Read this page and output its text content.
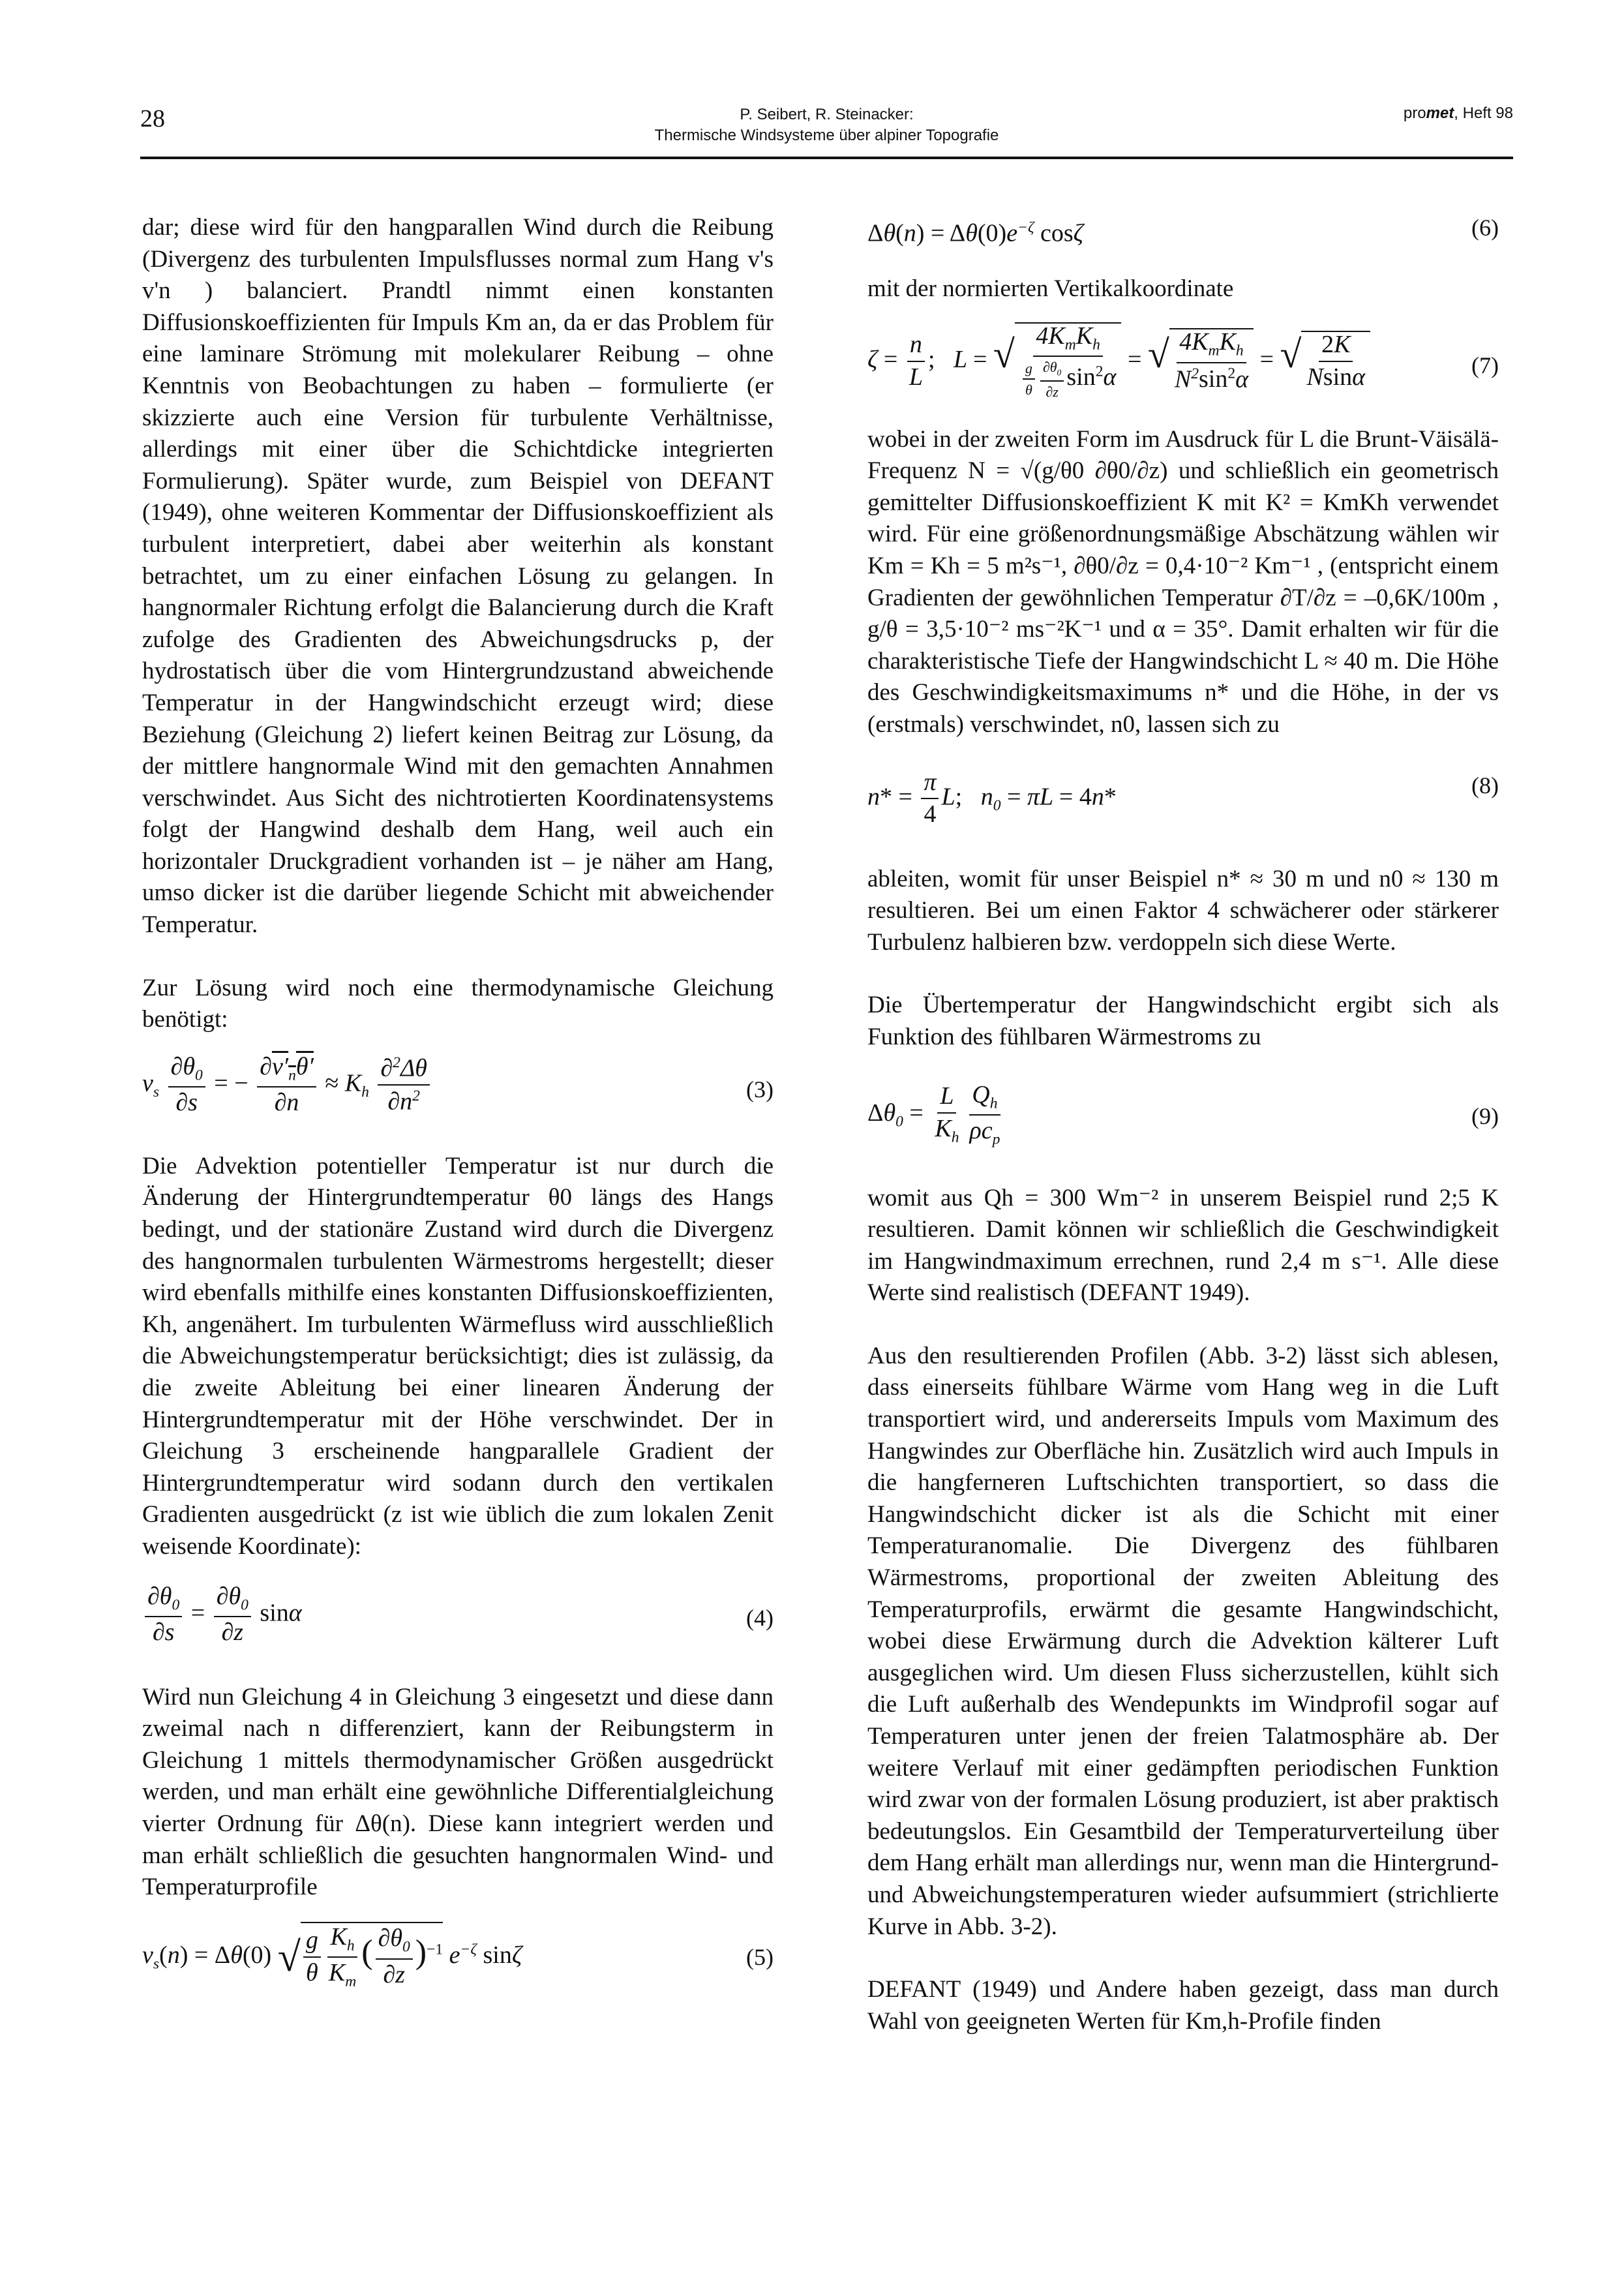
28	P. Seibert, R. Steinacker:
Thermische Windsysteme über alpiner Topografie
promet, Heft 98

dar; diese wird für den hangparallen Wind durch die Reibung (Divergenz des turbulenten Impulsflusses normal zum Hang v's v'n ) balanciert. Prandtl nimmt einen konstanten Diffusionskoeffizienten für Impuls Km an, da er das Problem für eine laminare Strömung mit molekularer Reibung – ohne Kenntnis von Beobachtungen zu haben – formulierte (er skizzierte auch eine Version für turbulente Verhältnisse, allerdings mit einer über die Schichtdicke integrierten Formulierung). Später wurde, zum Beispiel von DEFANT (1949), ohne weiteren Kommentar der Diffusionskoeffizient als turbulent interpretiert, dabei aber weiterhin als konstant betrachtet, um zu einer einfachen Lösung zu gelangen. In hangnormaler Richtung erfolgt die Balancierung durch die Kraft zufolge des Gradienten des Abweichungsdrucks p, der hydrostatisch über die vom Hintergrundzustand abweichende Temperatur in der Hangwindschicht erzeugt wird; diese Beziehung (Gleichung 2) liefert keinen Beitrag zur Lösung, da der mittlere hangnormale Wind mit den gemachten Annahmen verschwindet. Aus Sicht des nichtrotierten Koordinatensystems folgt der Hangwind deshalb dem Hang, weil auch ein horizontaler Druckgradient vorhanden ist – je näher am Hang, umso dicker ist die darüber liegende Schicht mit abweichender Temperatur.

Zur Lösung wird noch eine thermodynamische Gleichung benötigt:

$v_s \frac{\partial\theta_0}{\partial s}$ = − $\frac{\partial v'_n\theta'}{\partial n} \approx K_h \frac{\partial^2\Delta\theta}{\partial n^2}$	(3)

Die Advektion potentieller Temperatur ist nur durch die Änderung der Hintergrundtemperatur θ0 längs des Hangs bedingt, und der stationäre Zustand wird durch die Divergenz des hangnormalen turbulenten Wärmestroms hergestellt; dieser wird ebenfalls mithilfe eines konstanten Diffusionskoeffizienten, Kh, angenähert. Im turbulenten Wärmefluss wird ausschließlich die Abweichungstemperatur berücksichtigt; dies ist zulässig, da die zweite Ableitung bei einer linearen Änderung der Hintergrundtemperatur mit der Höhe verschwindet. Der in Gleichung 3 erscheinende hangparallele Gradient der Hintergrundtemperatur wird sodann durch den vertikalen Gradienten ausgedrückt (z ist wie üblich die zum lokalen Zenit weisende Koordinate):

$\frac{\partial\theta_0}{\partial s} = \frac{\partial\theta_0}{\partial z}$ sinα	(4)

Wird nun Gleichung 4 in Gleichung 3 eingesetzt und diese dann zweimal nach n differenziert, kann der Reibungsterm in Gleichung 1 mittels thermodynamischer Größen ausgedrückt werden, und man erhält eine gewöhnliche Differentialgleichung vierter Ordnung für Δθ(n). Diese kann integriert werden und man erhält schließlich die gesuchten hangnormalen Wind- und Temperaturprofile

$v_s(n) = \Delta\theta(0)$ √ $\frac{g}{\theta} \frac{K_h}{K_m}$ ( $\frac{\partial\theta_0}{\partial z} )^{-1}$ $e^{-\zeta}$ sinζ	(5)
$\Delta\theta(n) = \Delta\theta(0)e^{-\zeta}$ cosζ	(6)

mit der normierten Vertikalkoordinate

$\zeta = \frac{n}{L}$ ;   L = √ $\frac{4K_mK_h}{\frac{g}{\theta} \frac{\partial\theta_0}{\partial z} \sin^2\alpha}$ = √ $\frac{4K_mK_h}{N^2\sin^2\alpha}$ = √ $\frac{2K}{Nsin\alpha}$	(7)

wobei in der zweiten Form im Ausdruck für L die Brunt-Väisälä-Frequenz N = √(g/θ0 ∂θ0/∂z) und schließlich ein geometrisch gemittelter Diffusionskoeffizient K mit K² = KmKh verwendet wird. Für eine größenordnungsmäßige Abschätzung wählen wir Km = Kh = 5 m²s⁻¹, ∂θ0/∂z = 0,4·10⁻² Km⁻¹ , (entspricht einem Gradienten der gewöhnlichen Temperatur ∂T/∂z = –0,6K/100m , g/θ = 3,5·10⁻² ms⁻²K⁻¹ und α = 35°. Damit erhalten wir für die charakteristische Tiefe der Hangwindschicht L ≈ 40 m. Die Höhe des Geschwindigkeitsmaximums n* und die Höhe, in der vs (erstmals) verschwindet, n0, lassen sich zu

$n* = \frac{\pi}{4} L$;   $n_0 = \pi L = 4n*$	(8)

ableiten, womit für unser Beispiel n* ≈ 30 m und n0 ≈ 130 m resultieren. Bei um einen Faktor 4 schwächerer oder stärkerer Turbulenz halbieren bzw. verdoppeln sich diese Werte.

Die Übertemperatur der Hangwindschicht ergibt sich als Funktion des fühlbaren Wärmestroms zu

$\Delta\theta_0 = \frac{L}{K_h} \frac{Q_h}{\rho c_p}$	(9)

womit aus Qh = 300 Wm⁻² in unserem Beispiel rund 2;5 K resultieren. Damit können wir schließlich die Geschwindigkeit im Hangwindmaximum errechnen, rund 2,4 m s⁻¹. Alle diese Werte sind realistisch (DEFANT 1949).

Aus den resultierenden Profilen (Abb. 3-2) lässt sich ablesen, dass einerseits fühlbare Wärme vom Hang weg in die Luft transportiert wird, und andererseits Impuls vom Maximum des Hangwindes zur Oberfläche hin. Zusätzlich wird auch Impuls in die hangferneren Luftschichten transportiert, so dass die Hangwindschicht dicker ist als die Schicht mit einer Temperaturanomalie. Die Divergenz des fühlbaren Wärmestroms, proportional der zweiten Ableitung des Temperaturprofils, erwärmt die gesamte Hangwindschicht, wobei diese Erwärmung durch die Advektion kälterer Luft ausgeglichen wird. Um diesen Fluss sicherzustellen, kühlt sich die Luft außerhalb des Wendepunkts im Windprofil sogar auf Temperaturen unter jenen der freien Talatmosphäre ab. Der weitere Verlauf mit einer gedämpften periodischen Funktion wird zwar von der formalen Lösung produziert, ist aber praktisch bedeutungslos. Ein Gesamtbild der Temperaturverteilung über dem Hang erhält man allerdings nur, wenn man die Hintergrund- und Abweichungstemperaturen wieder aufsummiert (strichlierte Kurve in Abb. 3-2).

DEFANT (1949) und Andere haben gezeigt, dass man durch Wahl von geeigneten Werten für Km,h-Profile finden
